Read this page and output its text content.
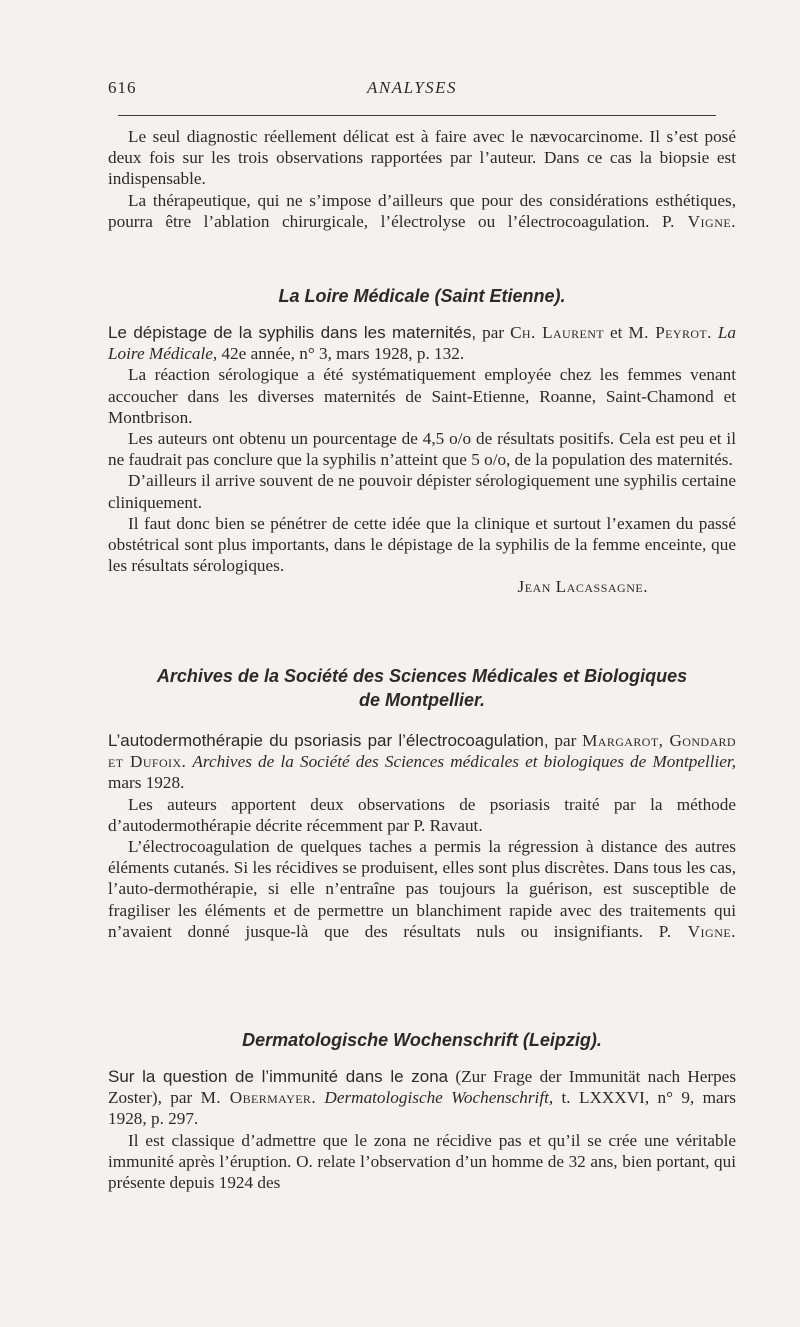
616	ANALYSES

Le seul diagnostic réellement délicat est à faire avec le nævocarcinome. Il s’est posé deux fois sur les trois observations rapportées par l’auteur. Dans ce cas la biopsie est indispensable.

La thérapeutique, qui ne s’impose d’ailleurs que pour des considérations esthétiques, pourra être l’ablation chirurgicale, l’électrolyse ou l’électrocoagulation. P. Vigne.

La Loire Médicale (Saint Etienne).

Le dépistage de la syphilis dans les maternités, par Ch. Laurent et M. Peyrot. La Loire Médicale, 42e année, n° 3, mars 1928, p. 132.

La réaction sérologique a été systématiquement employée chez les femmes venant accoucher dans les diverses maternités de Saint-Etienne, Roanne, Saint-Chamond et Montbrison.

Les auteurs ont obtenu un pourcentage de 4,5 o/o de résultats positifs. Cela est peu et il ne faudrait pas conclure que la syphilis n’atteint que 5 o/o, de la population des maternités.

D’ailleurs il arrive souvent de ne pouvoir dépister sérologiquement une syphilis certaine cliniquement.

Il faut donc bien se pénétrer de cette idée que la clinique et surtout l’examen du passé obstétrical sont plus importants, dans le dépistage de la syphilis de la femme enceinte, que les résultats sérologiques.

Jean Lacassagne.

Archives de la Société des Sciences Médicales et Biologiques
de Montpellier.

L’autodermothérapie du psoriasis par l’électrocoagulation, par Margarot, Gondard et Dufoix. Archives de la Société des Sciences médicales et biologiques de Montpellier, mars 1928.

Les auteurs apportent deux observations de psoriasis traité par la méthode d’autodermothérapie décrite récemment par P. Ravaut.

L’électrocoagulation de quelques taches a permis la régression à distance des autres éléments cutanés. Si les récidives se produisent, elles sont plus discrètes. Dans tous les cas, l’auto-dermothérapie, si elle n’entraîne pas toujours la guérison, est susceptible de fragiliser les éléments et de permettre un blanchiment rapide avec des traitements qui n’avaient donné jusque-là que des résultats nuls ou insignifiants. P. Vigne.

Dermatologische Wochenschrift (Leipzig).

Sur la question de l’immunité dans le zona (Zur Frage der Immunität nach Herpes Zoster), par M. Obermayer. Dermatologische Wochenschrift, t. LXXXVI, n° 9, mars 1928, p. 297.

Il est classique d’admettre que le zona ne récidive pas et qu’il se crée une véritable immunité après l’éruption. O. relate l’observation d’un homme de 32 ans, bien portant, qui présente depuis 1924 des
